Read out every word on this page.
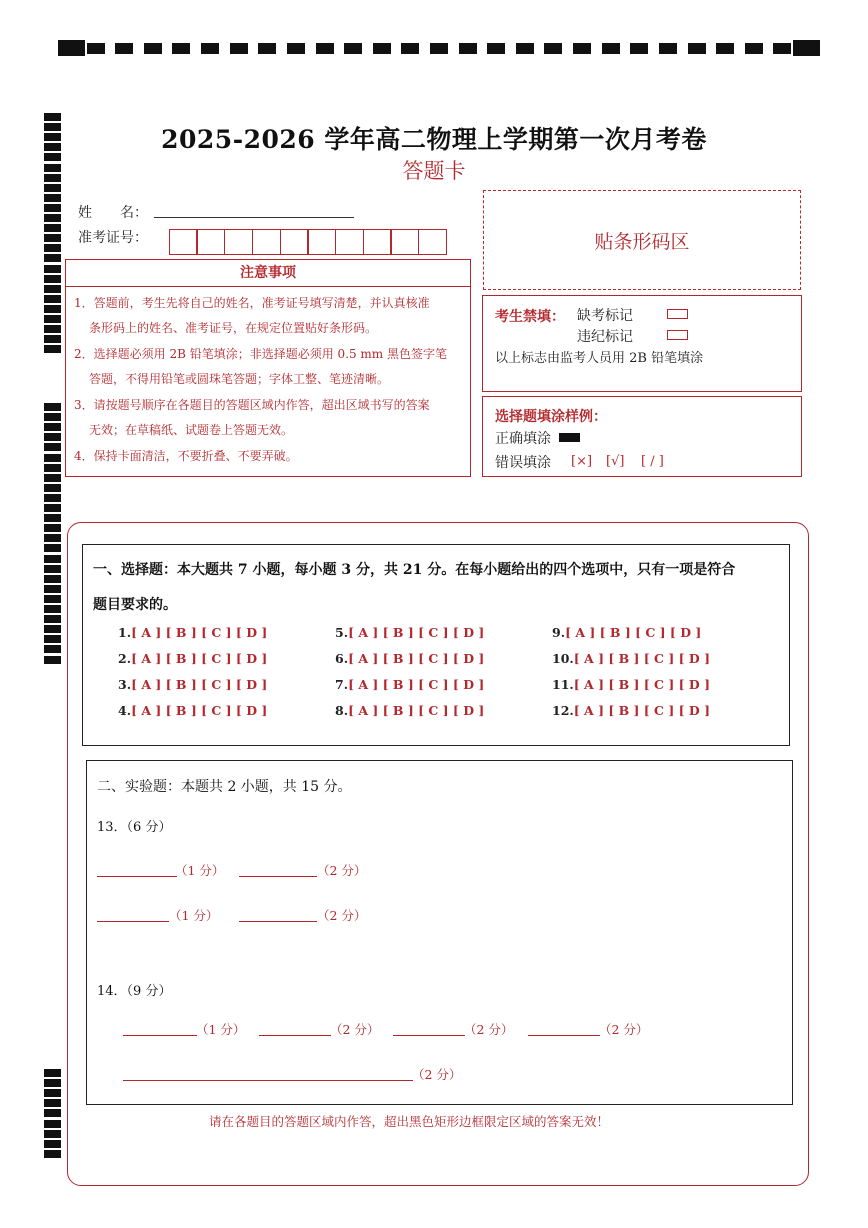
2025-2026 学年高二物理上学期第一次月考卷
答题卡
姓　　名：
准考证号：
注意事项
1．答题前，考生先将自己的姓名，准考证号填写清楚，并认真核准
条形码上的姓名、准考证号，在规定位置贴好条形码。
2．选择题必须用 2B 铅笔填涂；非选择题必须用 0.5 mm 黑色签字笔
答题，不得用铅笔或圆珠笔答题；字体工整、笔迹清晰。
3．请按题号顺序在各题目的答题区域内作答，超出区域书写的答案
无效；在草稿纸、试题卷上答题无效。
4．保持卡面清洁，不要折叠、不要弄破。
贴条形码区
考生禁填： 缺考标记
违纪标记
以上标志由监考人员用 2B 铅笔填涂
选择题填涂样例：
正确填涂
错误填涂 [×] [√] [ / ]
一、选择题：本大题共 7 小题，每小题 3 分，共 21 分。在每小题给出的四个选项中，只有一项是符合
题目要求的。
1.[ A ] [ B ] [ C ] [ D ]
2.[ A ] [ B ] [ C ] [ D ]
3.[ A ] [ B ] [ C ] [ D ]
4.[ A ] [ B ] [ C ] [ D ]
5.[ A ] [ B ] [ C ] [ D ]
6.[ A ] [ B ] [ C ] [ D ]
7.[ A ] [ B ] [ C ] [ D ]
8.[ A ] [ B ] [ C ] [ D ]
9.[ A ] [ B ] [ C ] [ D ]
10.[ A ] [ B ] [ C ] [ D ]
11.[ A ] [ B ] [ C ] [ D ]
12.[ A ] [ B ] [ C ] [ D ]
二、实验题：本题共 2 小题，共 15 分。
13．（6 分）
（1 分）	（2 分）
（1 分）	（2 分）
14．（9 分）
（1 分）	（2 分）	（2 分）	（2 分）
（2 分）
请在各题目的答题区域内作答，超出黑色矩形边框限定区域的答案无效！
